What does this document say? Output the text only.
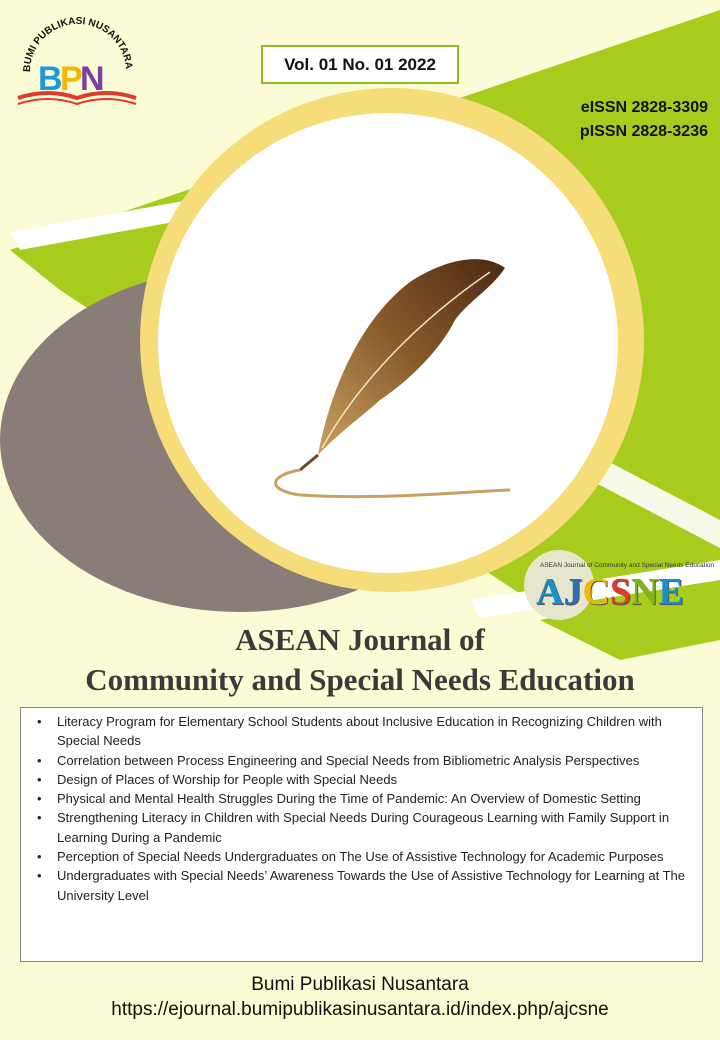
BUMI PUBLIKASI NUSANTARA
B
P
N	Vol. 01 No. 01 2022
eISSN 2828-3309
pISSN 2828-3236
ASEAN Journal of Community and Special Needs Education
AJCSNE
ASEAN Journal of
Community and Special Needs Education
• Literacy Program for Elementary School Students about Inclusive Education in Recognizing Children with Special Needs
• Correlation between Process Engineering and Special Needs from Bibliometric Analysis Perspectives
• Design of Places of Worship for People with Special Needs
• Physical and Mental Health Struggles During the Time of Pandemic: An Overview of Domestic Setting
• Strengthening Literacy in Children with Special Needs During Courageous Learning with Family Support in Learning During a Pandemic
• Perception of Special Needs Undergraduates on The Use of Assistive Technology for Academic Purposes
• Undergraduates with Special Needs’ Awareness Towards the Use of Assistive Technology for Learning at The University Level
Bumi Publikasi Nusantara
https://ejournal.bumipublikasinusantara.id/index.php/ajcsne
